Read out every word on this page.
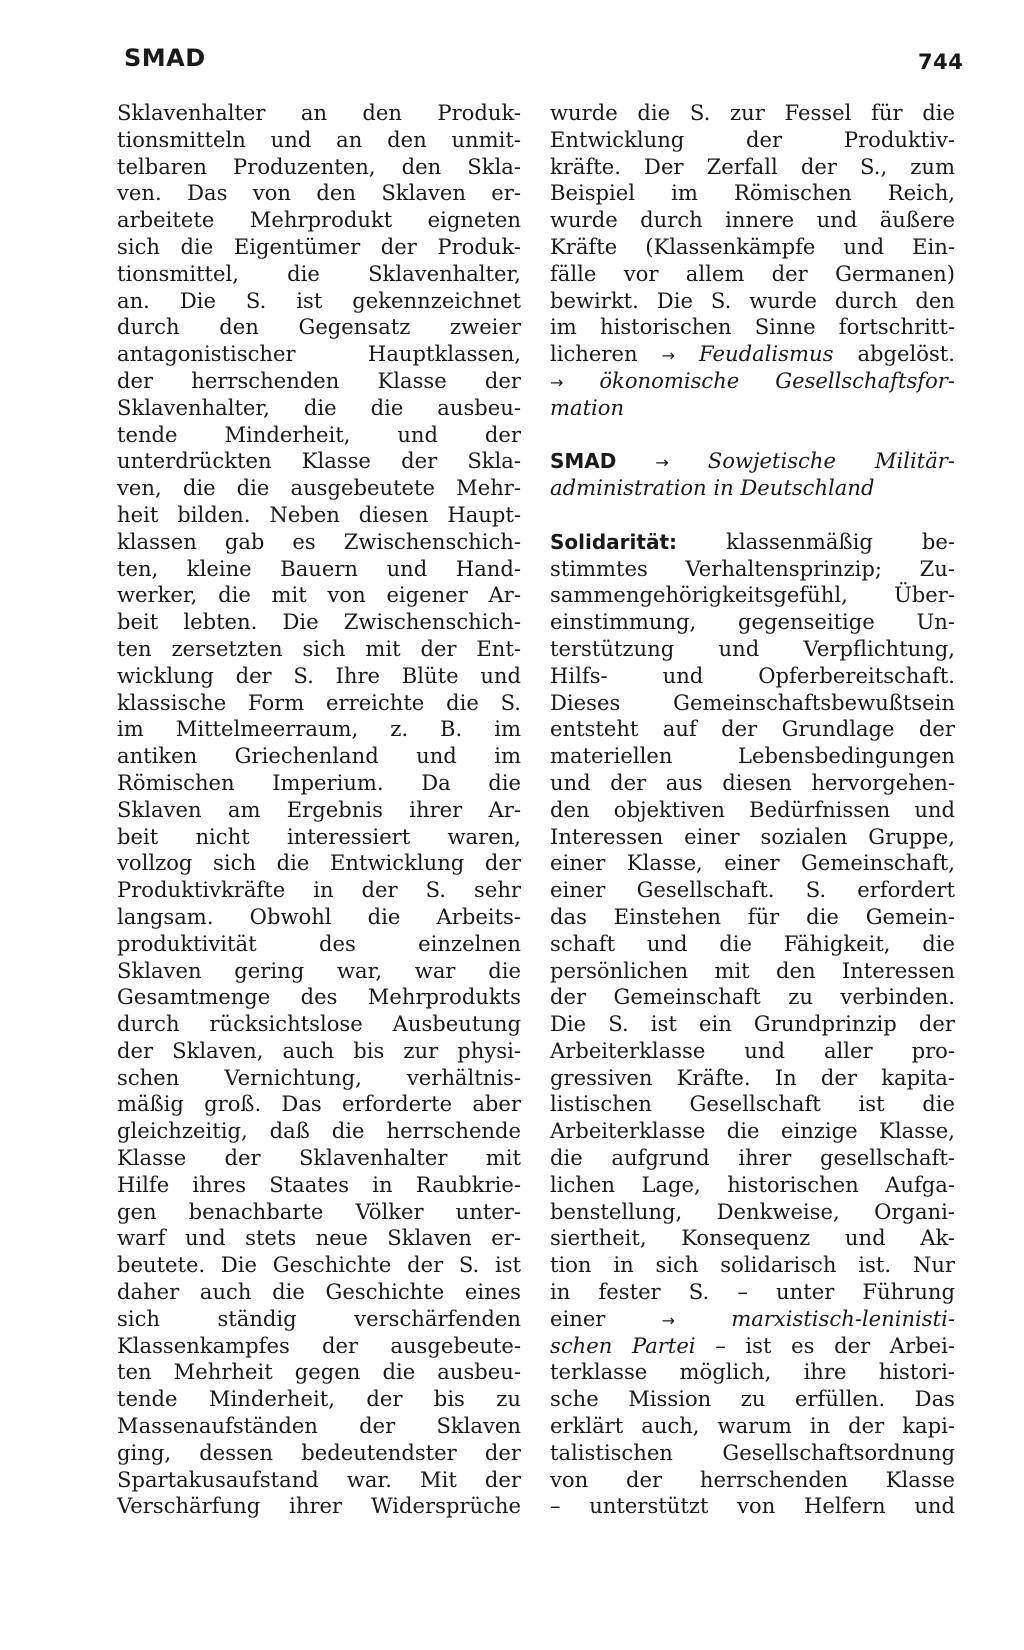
SMAD	744
Sklavenhalter an den Produk-
tionsmitteln und an den unmit-
telbaren Produzenten, den Skla-
ven. Das von den Sklaven er-
arbeitete Mehrprodukt eigneten
sich die Eigentümer der Produk-
tionsmittel, die Sklavenhalter,
an. Die S. ist gekennzeichnet
durch den Gegensatz zweier
antagonistischer Hauptklassen,
der herrschenden Klasse der
Sklavenhalter, die die ausbeu-
tende Minderheit, und der
unterdrückten Klasse der Skla-
ven, die die ausgebeutete Mehr-
heit bilden. Neben diesen Haupt-
klassen gab es Zwischenschich-
ten, kleine Bauern und Hand-
werker, die mit von eigener Ar-
beit lebten. Die Zwischenschich-
ten zersetzten sich mit der Ent-
wicklung der S. Ihre Blüte und
klassische Form erreichte die S.
im Mittelmeerraum, z. B. im
antiken Griechenland und im
Römischen Imperium. Da die
Sklaven am Ergebnis ihrer Ar-
beit nicht interessiert waren,
vollzog sich die Entwicklung der
Produktivkräfte in der S. sehr
langsam. Obwohl die Arbeits-
produktivität des einzelnen
Sklaven gering war, war die
Gesamtmenge des Mehrprodukts
durch rücksichtslose Ausbeutung
der Sklaven, auch bis zur physi-
schen Vernichtung, verhältnis-
mäßig groß. Das erforderte aber
gleichzeitig, daß die herrschende
Klasse der Sklavenhalter mit
Hilfe ihres Staates in Raubkrie-
gen benachbarte Völker unter-
warf und stets neue Sklaven er-
beutete. Die Geschichte der S. ist
daher auch die Geschichte eines
sich ständig verschärfenden
Klassenkampfes der ausgebeute-
ten Mehrheit gegen die ausbeu-
tende Minderheit, der bis zu
Massenaufständen der Sklaven
ging, dessen bedeutendster der
Spartakusaufstand war. Mit der
Verschärfung ihrer Widersprüche
wurde die S. zur Fessel für die
Entwicklung der Produktiv-
kräfte. Der Zerfall der S., zum
Beispiel im Römischen Reich,
wurde durch innere und äußere
Kräfte (Klassenkämpfe und Ein-
fälle vor allem der Germanen)
bewirkt. Die S. wurde durch den
im historischen Sinne fortschritt-
licheren → Feudalismus abgelöst.
→ ökonomische Gesellschaftsfor-
mation
SMAD → Sowjetische Militär-
administration in Deutschland
Solidarität: klassenmäßig be-
stimmtes Verhaltensprinzip; Zu-
sammengehörigkeitsgefühl, Über-
einstimmung, gegenseitige Un-
terstützung und Verpflichtung,
Hilfs- und Opferbereitschaft.
Dieses Gemeinschaftsbewußtsein
entsteht auf der Grundlage der
materiellen Lebensbedingungen
und der aus diesen hervorgehen-
den objektiven Bedürfnissen und
Interessen einer sozialen Gruppe,
einer Klasse, einer Gemeinschaft,
einer Gesellschaft. S. erfordert
das Einstehen für die Gemein-
schaft und die Fähigkeit, die
persönlichen mit den Interessen
der Gemeinschaft zu verbinden.
Die S. ist ein Grundprinzip der
Arbeiterklasse und aller pro-
gressiven Kräfte. In der kapita-
listischen Gesellschaft ist die
Arbeiterklasse die einzige Klasse,
die aufgrund ihrer gesellschaft-
lichen Lage, historischen Aufga-
benstellung, Denkweise, Organi-
siertheit, Konsequenz und Ak-
tion in sich solidarisch ist. Nur
in fester S. – unter Führung
einer	→	marxistisch-leninisti-
schen Partei – ist es der Arbei-
terklasse möglich, ihre histori-
sche Mission zu erfüllen. Das
erklärt auch, warum in der kapi-
talistischen Gesellschaftsordnung
von der herrschenden Klasse
– unterstützt von Helfern und
